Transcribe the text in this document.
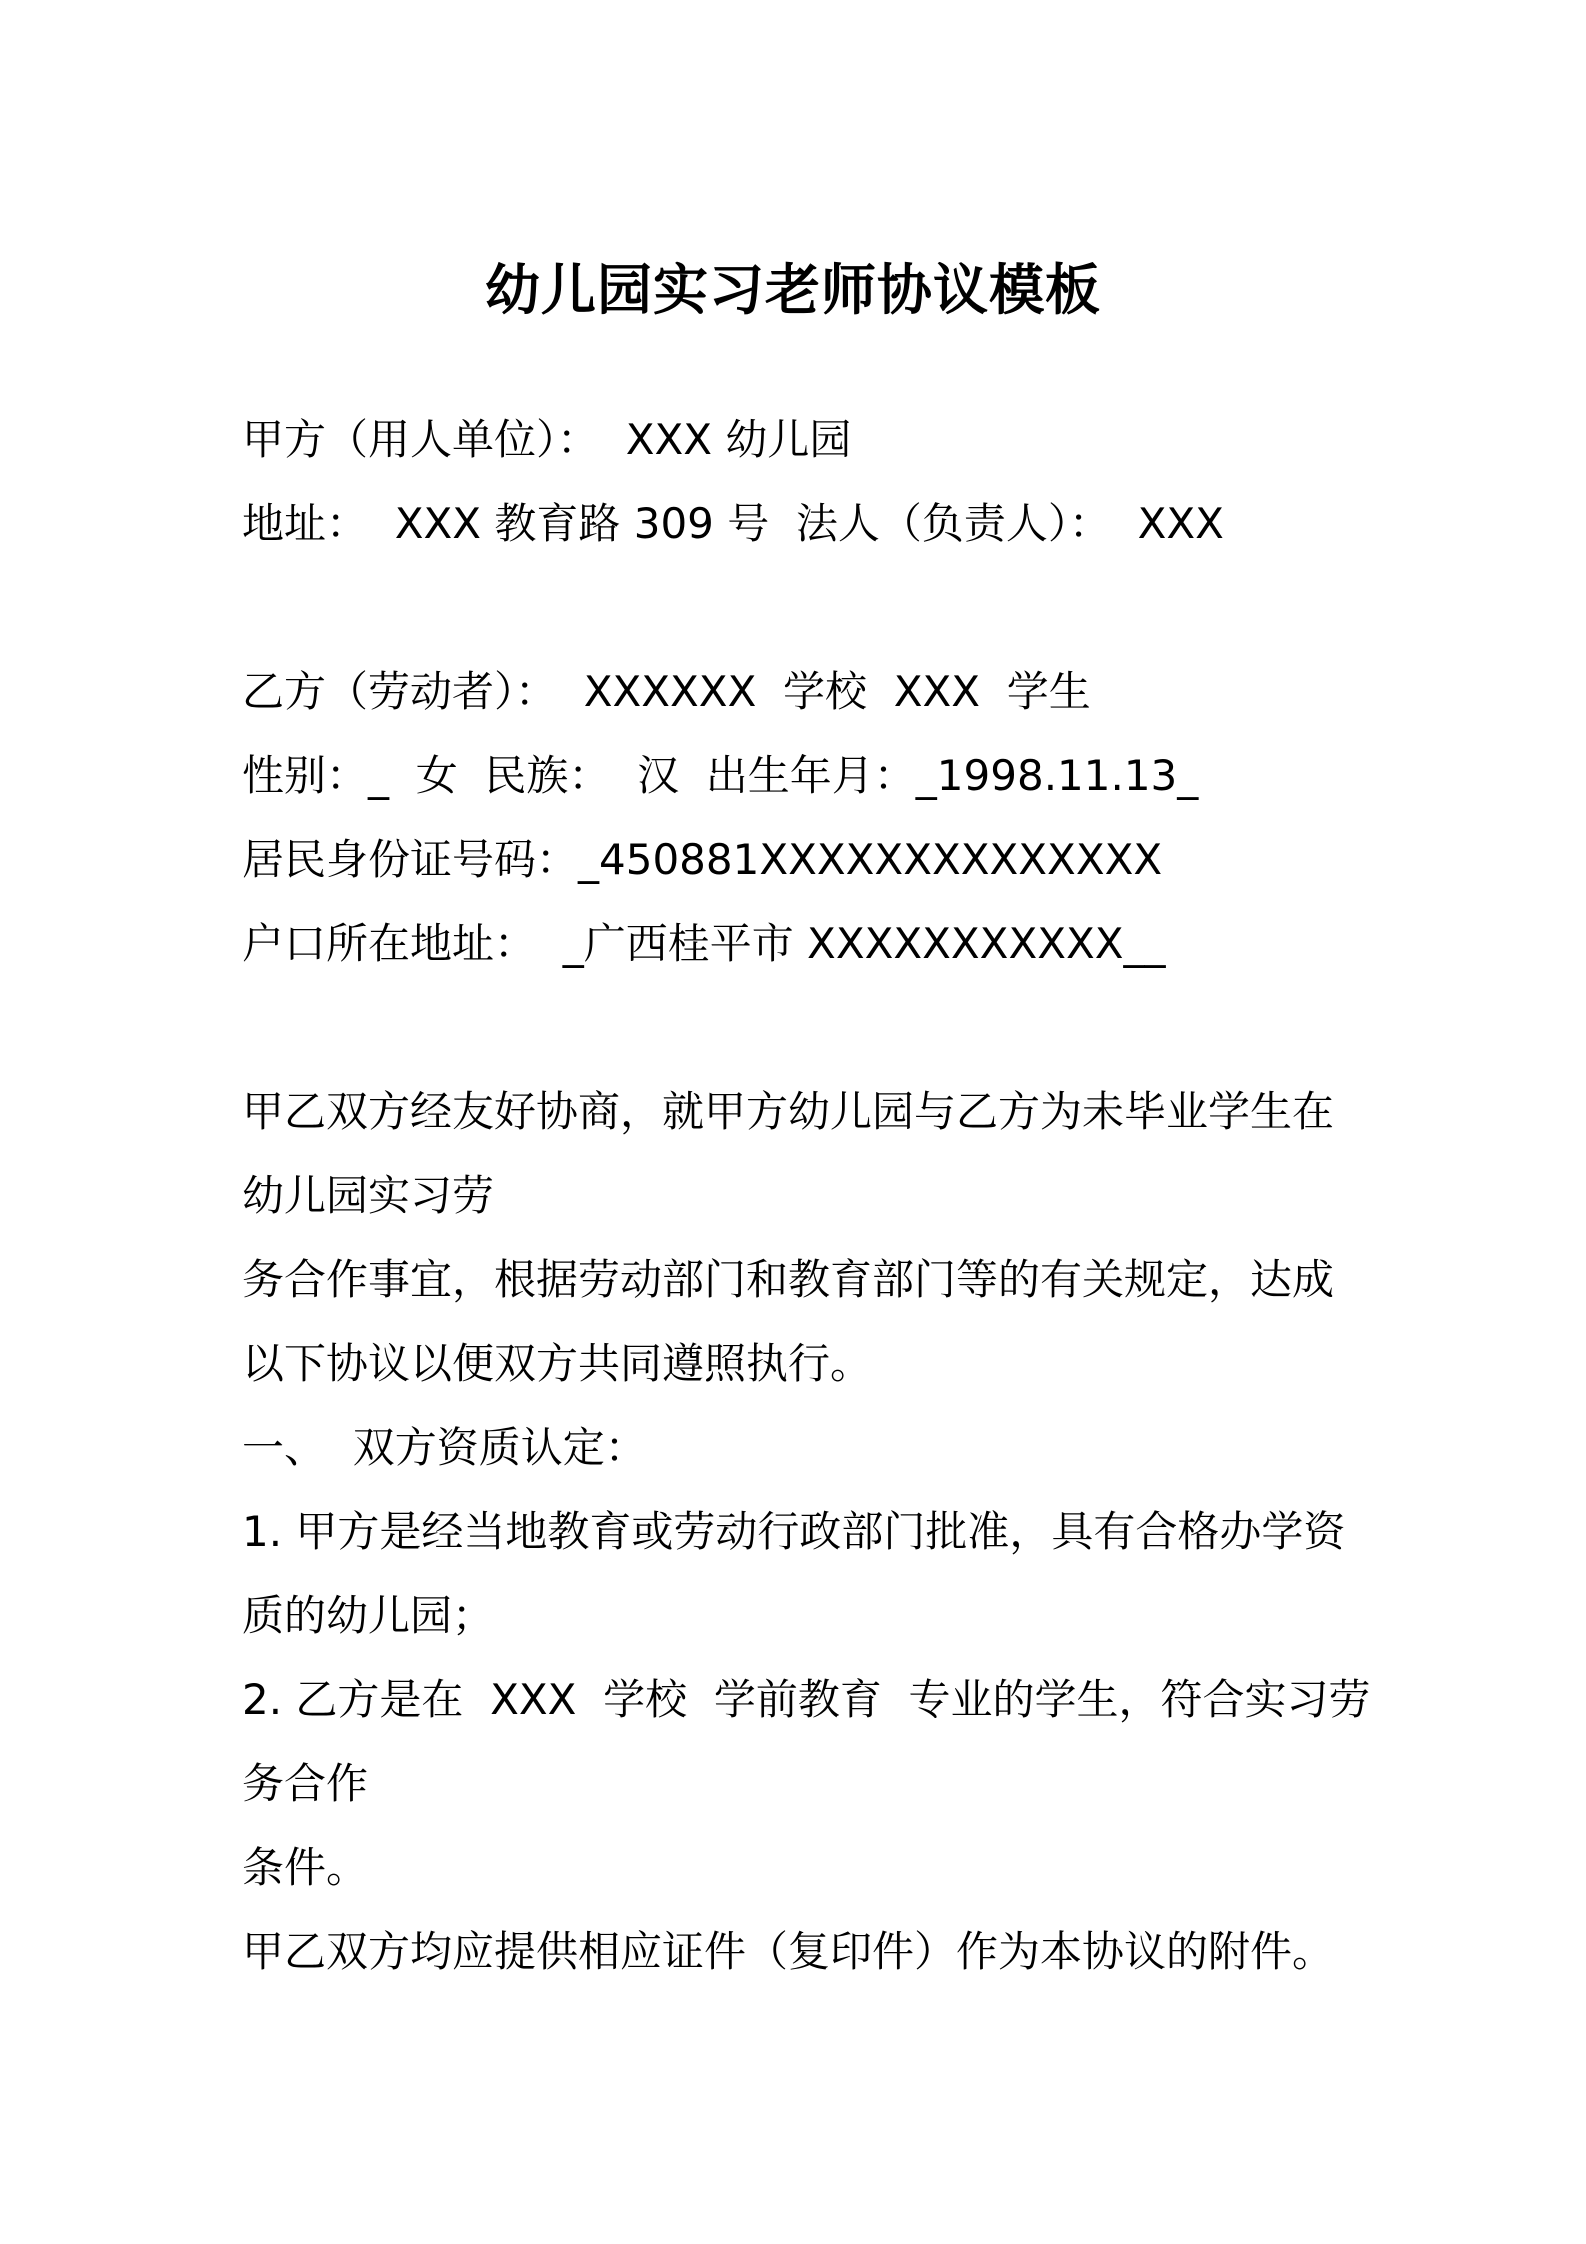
幼儿园实习老师协议模板
甲方（用人单位）：  XXX 幼儿园
地址：  XXX 教育路 309 号  法人（负责人）：  XXX
乙方（劳动者）：  XXXXXX  学校  XXX  学生
性别：_  女  民族：  汉  出生年月：_1998.11.13_
居民身份证号码：_450881XXXXXXXXXXXXXX
户口所在地址：  _广西桂平市 XXXXXXXXXXX__
甲乙双方经友好协商，就甲方幼儿园与乙方为未毕业学生在
幼儿园实习劳
务合作事宜，根据劳动部门和教育部门等的有关规定，达成
以下协议以便双方共同遵照执行。
一、  双方资质认定：
1. 甲方是经当地教育或劳动行政部门批准，具有合格办学资
质的幼儿园；
2. 乙方是在  XXX  学校  学前教育  专业的学生，符合实习劳
务合作
条件。
甲乙双方均应提供相应证件（复印件）作为本协议的附件。
